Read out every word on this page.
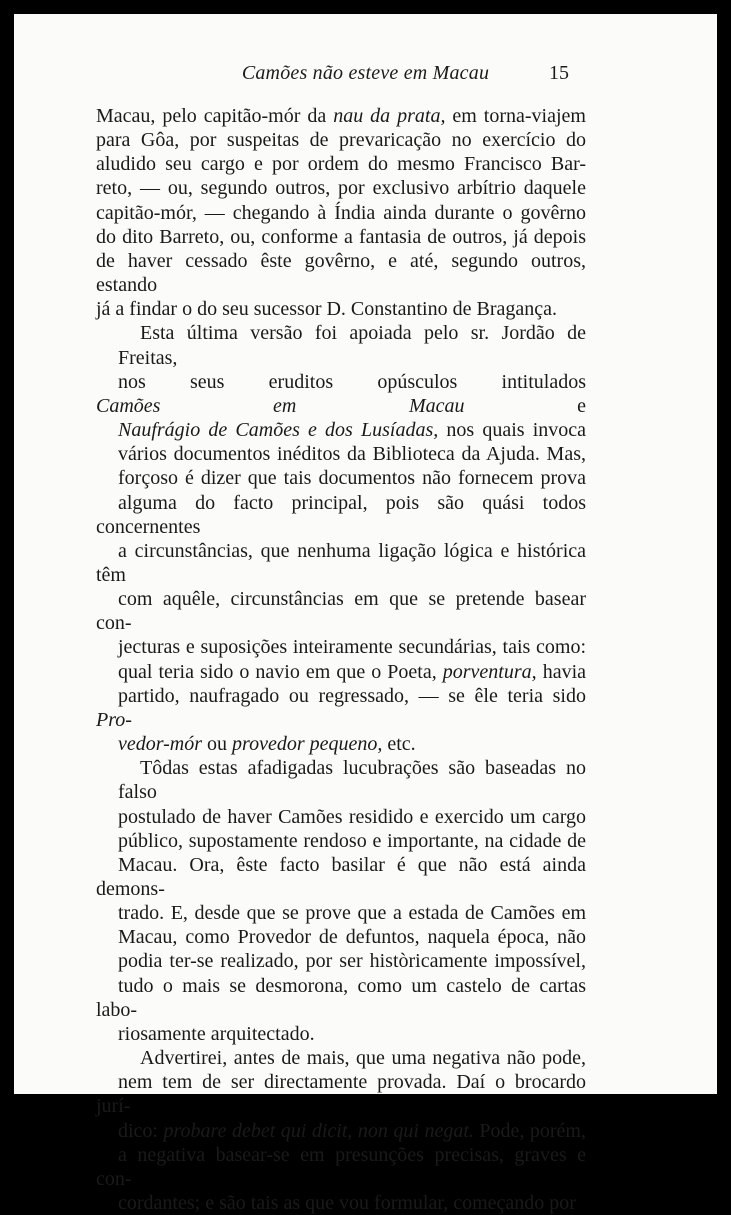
Camões não esteve em Macau	15

Macau, pelo capitão-mór da nau da prata, em torna-viajem
para Gôa, por suspeitas de prevaricação no exercício do
aludido seu cargo e por ordem do mesmo Francisco Bar-
reto, — ou, segundo outros, por exclusivo arbítrio daquele
capitão-mór, — chegando à Índia ainda durante o govêrno
do dito Barreto, ou, conforme a fantasia de outros, já depois
de haver cessado êste govêrno, e até, segundo outros, estando
já a findar o do seu sucessor D. Constantino de Bragança.

Esta última versão foi apoiada pelo sr. Jordão de Freitas,
nos seus eruditos opúsculos intitulados Camões em Macau e
Naufrágio de Camões e dos Lusíadas, nos quais invoca
vários documentos inéditos da Biblioteca da Ajuda. Mas,
forçoso é dizer que tais documentos não fornecem prova
alguma do facto principal, pois são quási todos concernentes
a circunstâncias, que nenhuma ligação lógica e histórica têm
com aquêle, circunstâncias em que se pretende basear con-
jecturas e suposições inteiramente secundárias, tais como:
qual teria sido o navio em que o Poeta, porventura, havia
partido, naufragado ou regressado, — se êle teria sido Pro-
vedor-mór ou provedor pequeno, etc.

Tôdas estas afadigadas lucubrações são baseadas no falso
postulado de haver Camões residido e exercido um cargo
público, supostamente rendoso e importante, na cidade de
Macau. Ora, êste facto basilar é que não está ainda demons-
trado. E, desde que se prove que a estada de Camões em
Macau, como Provedor de defuntos, naquela época, não
podia ter-se realizado, por ser històricamente impossível,
tudo o mais se desmorona, como um castelo de cartas labo-
riosamente arquitectado.

Advertirei, antes de mais, que uma negativa não pode,
nem tem de ser directamente provada. Daí o brocardo jurí-
dico: probare debet qui dicit, non qui negat. Pode, porém,
a negativa basear-se em presunções precisas, graves e con-
cordantes; e são tais as que vou formular, começando por
